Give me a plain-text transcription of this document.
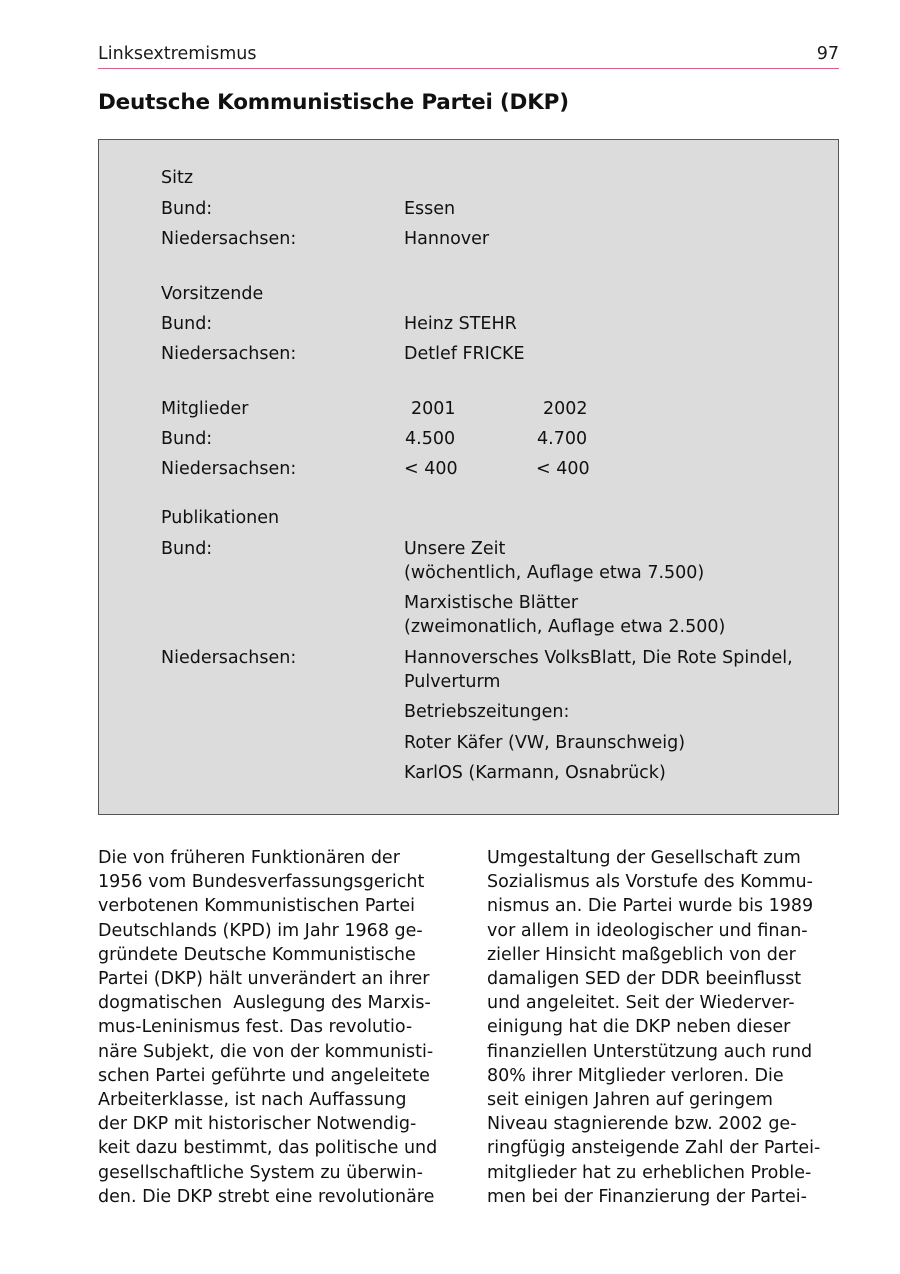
Linksextremismus	97
Deutsche Kommunistische Partei (DKP)
Sitz
Bund:	Essen
Niedersachsen:	Hannover
Vorsitzende
Bund:	Heinz STEHR
Niedersachsen:	Detlef FRICKE
Mitglieder	2001	2002
Bund:	4.500	4.700
Niedersachsen:	< 400	< 400
Publikationen
Bund:	Unsere Zeit
(wöchentlich, Auflage etwa 7.500)
Marxistische Blätter
(zweimonatlich, Auflage etwa 2.500)
Niedersachsen:	Hannoversches VolksBlatt, Die Rote Spindel,
Pulverturm
Betriebszeitungen:
Roter Käfer (VW, Braunschweig)
KarlOS (Karmann, Osnabrück)
Die von früheren Funktionären der
1956 vom Bundesverfassungsgericht
verbotenen Kommunistischen Partei
Deutschlands (KPD) im Jahr 1968 ge-
gründete Deutsche Kommunistische
Partei (DKP) hält unverändert an ihrer
dogmatischen  Auslegung des Marxis-
mus-Leninismus fest. Das revolutio-
näre Subjekt, die von der kommunisti-
schen Partei geführte und angeleitete
Arbeiterklasse, ist nach Auffassung
der DKP mit historischer Notwendig-
keit dazu bestimmt, das politische und
gesellschaftliche System zu überwin-
den. Die DKP strebt eine revolutionäre
Umgestaltung der Gesellschaft zum
Sozialismus als Vorstufe des Kommu-
nismus an. Die Partei wurde bis 1989
vor allem in ideologischer und finan-
zieller Hinsicht maßgeblich von der
damaligen SED der DDR beeinflusst
und angeleitet. Seit der Wiederver-
einigung hat die DKP neben dieser
finanziellen Unterstützung auch rund
80% ihrer Mitglieder verloren. Die
seit einigen Jahren auf geringem
Niveau stagnierende bzw. 2002 ge-
ringfügig ansteigende Zahl der Partei-
mitglieder hat zu erheblichen Proble-
men bei der Finanzierung der Partei-
